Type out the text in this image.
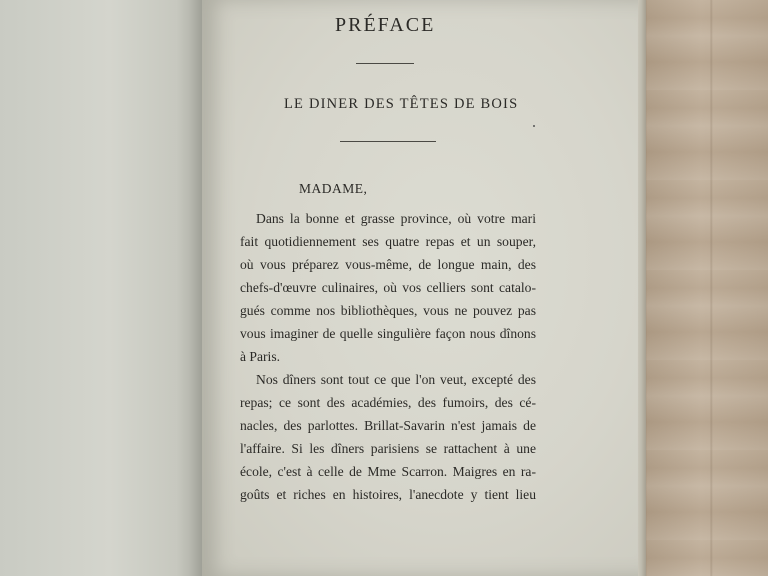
PRÉFACE
LE DINER DES TÊTES DE BOIS
MADAME,
Dans la bonne et grasse province, où votre mari
fait quotidiennement ses quatre repas et un souper,
où vous préparez vous-même, de longue main, des
chefs-d'œuvre culinaires, où vos celliers sont catalo-
gués comme nos bibliothèques, vous ne pouvez pas
vous imaginer de quelle singulière façon nous dînons
à Paris.
Nos dîners sont tout ce que l'on veut, excepté des
repas; ce sont des académies, des fumoirs, des cé-
nacles, des parlottes. Brillat-Savarin n'est jamais de
l'affaire. Si les dîners parisiens se rattachent à une
école, c'est à celle de Mme Scarron. Maigres en ra-
goûts et riches en histoires, l'anecdote y tient lieu
